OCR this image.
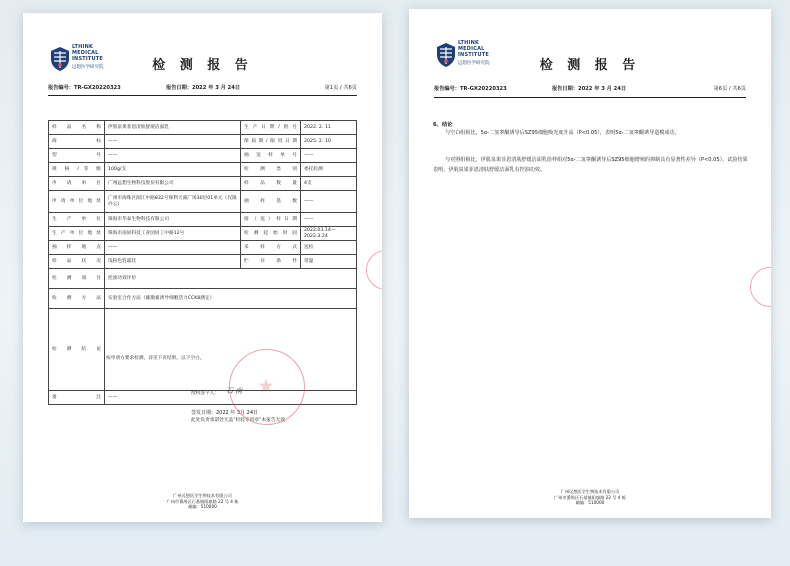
LTHINK
MEDICAL
INSTITUTE
远想医学研究院	检 测 报 告
报告编号：TR-GX20220323	报告日期：2022 年 3 月 24日	第1页 / 共6页
样 品 名 称	伊肌泉果菲恩清肤舒缓洁面乳	生产日期/批号	2022. 2. 11
商 标	——	保质期/限用日期	2025. 2. 10
型 号	——	抽 送 样 单 号	——
规 格 / 等 级	100g/支	检 测 类 别	委托检测
申 请 单 位	广州远想生物科技股份有限公司	样 品 数 量	4支
申 请 单 位 地 址	广州市海珠区阅江中路832号保利天幕广场30层01单元（仅限办公）	抽 样 基 数	——
生 产 单 位	珠海市华泰生物科技有限公司	接（送）样日期	——
生 产 单 位 地 址	珠海市南屏科技工业园屏工中路12号	检 测 起 始 时 间	2022.03.14—2022.3.24
抽 样 地 点	——	采 样 方 式	送检
样 品 状 况	浅粉色乳霜状	贮 存 条 件	常温
检 测 项 目	控油功效评价		
检 测 方 法	实验室合作方法（雄激素诱导细胞活力CCK8测定）		
检 测 结 论	按申请方要求检测，详见下页结果。以下空白。
授权签字人： 石 南
签发日期：2022 年 3月 24日
此处负责承诺处无盖“检验专用章”本报告无效		

备 注	——		
广州远想医学生物技术有限公司
广州市番禺区石基镇阳旗路 22 号 4 栋
邮编：510000
LTHINK
MEDICAL
INSTITUTE
远想医学研究院	检 测 报 告
报告编号：TR-GX20220323	报告日期：2022 年 3 月 24日	第6页 / 共6页
6、结论
与空白组相比，5α-二氢睾酮诱导后SZ95细胞吸光度升高（P<0.05），表明5α-二氢睾酮诱导造模成功。
与对照组相比，伊肌泉果菲恩清肤舒缓洁面乳给样组对5α-二氢睾酮诱导后SZ95细胞增殖的抑制具有显著性差异（P<0.05）。试验结果表明，伊肌泉果菲恩清肤舒缓洁面乳有控油功效。
广州远想医学生物技术有限公司
广州市番禺区石基镇阳旗路 22 号 4 栋
邮编：510000
